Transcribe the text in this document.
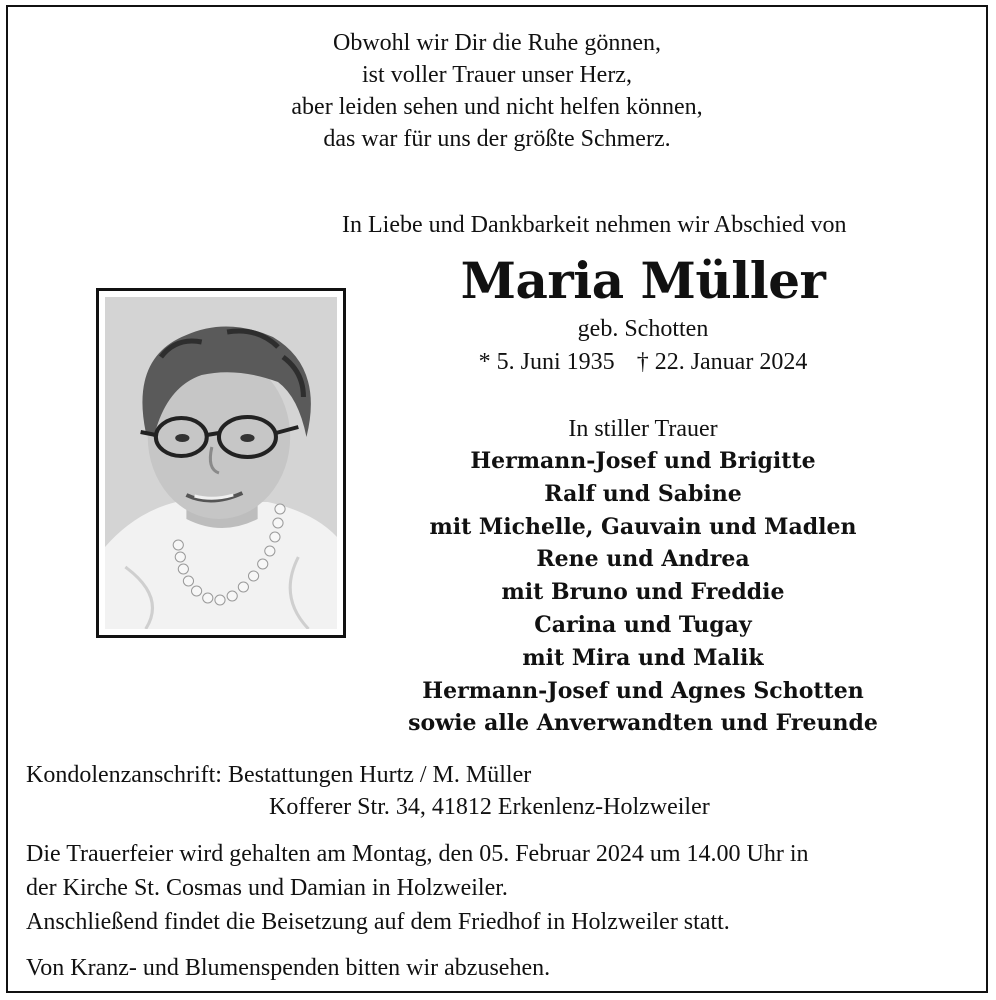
Obwohl wir Dir die Ruhe gönnen,
ist voller Trauer unser Herz,
aber leiden sehen und nicht helfen können,
das war für uns der größte Schmerz.
In Liebe und Dankbarkeit nehmen wir Abschied von
Maria Müller
geb. Schotten
* 5. Juni 1935 † 22. Januar 2024
In stiller Trauer
Hermann-Josef und Brigitte
Ralf und Sabine
mit Michelle, Gauvain und Madlen
Rene und Andrea
mit Bruno und Freddie
Carina und Tugay
mit Mira und Malik
Hermann-Josef und Agnes Schotten
sowie alle Anverwandten und Freunde
Kondolenzanschrift: Bestattungen Hurtz / M. Müller
Kofferer Str. 34, 41812 Erkenlenz-Holzweiler
Die Trauerfeier wird gehalten am Montag, den 05. Februar 2024 um 14.00 Uhr in
der Kirche St. Cosmas und Damian in Holzweiler.
Anschließend findet die Beisetzung auf dem Friedhof in Holzweiler statt.
Von Kranz- und Blumenspenden bitten wir abzusehen.
